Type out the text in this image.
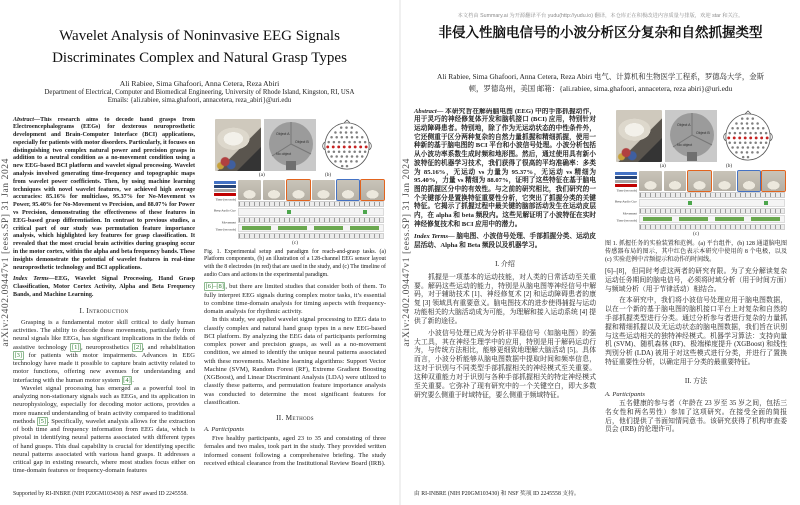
arXiv:2402.09447v1 [eess.SP] 31 Jan 2024
Wavelet Analysis of Noninvasive EEG Signals
Discriminates Complex and Natural Grasp Types
Ali Rabiee, Sima Ghafoori, Anna Cetera, Reza Abiri
Department of Electrical, Computer and Biomedical Engineering, University of Rhode Island, Kingston, RI, USA
Emails: {ali.rabiee, sima.ghafoori, annacetera, reza_abiri}@uri.edu

Abstract—This research aims to decode hand grasps from Electroencephalograms (EEGs) for dexterous neuroprosthetic development and Brain-Computer Interface (BCI) applications, especially for patients with motor disorders. Particularly, it focuses on distinguishing two complex natural power and precision grasps in addition to a neutral condition as a no-movement condition using a new EEG-based BCI platform and wavelet signal processing. Wavelet analysis involved generating time-frequency and topographic maps from wavelet power coefficients. Then, by using machine learning techniques with novel wavelet features, we achieved high average accuracies: 85.16% for multiclass, 95.37% for No-Movement vs Power, 95.40% for No-Movement vs Precision, and 88.07% for Power vs Precision, demonstrating the effectiveness of these features in EEG-based grasp differentiation. In contrast to previous studies, a critical part of our study was permutation feature importance analysis, which highlighted key features for grasp classification. It revealed that the most crucial brain activities during grasping occur in the motor cortex, within the alpha and beta frequency bands. These insights demonstrate the potential of wavelet features in real-time neuroprosthetic technology and BCI applications.

Index Terms—EEG, Wavelet Signal Processing, Hand Grasp Classification, Motor Cortex Activity, Alpha and Beta Frequency Bands, and Machine Learning.

I. Introduction

Grasping is a fundamental motor skill critical to daily human activities. The ability to decode these movements, particularly from neural signals like EEGs, has significant implications in the fields of assistive technology [1] , neuroprosthetics [2] , and rehabilitation [3] for patients with motor impairments. Advances in EEG technology have made it possible to capture brain activity related to motor functions, offering new avenues for understanding and interfacing with the human motor system [4] .

Wavelet signal processing has emerged as a powerful tool in analyzing non-stationary signals such as EEGs, and its application in neurophysiology, especially for decoding motor actions, provides a more nuanced understanding of brain activity compared to traditional methods [5] . Specifically, wavelet analysis allows for the extraction of both time and frequency information from EEG data, which is pivotal in identifying neural patterns associated with different types of hand grasps. This dual capability is crucial for identifying specific neural patterns associated with various hand grasps. It addresses a critical gap in existing research, where most studies focus either on time-domain features or frequency-domain features

Object A
Object B
No object
(a)	(b)
Time (seconds)
Beep Audio Cue
Movement
Time (seconds)
(c)

Fig. 1. Experimental setup and paradigm for reach-and-grasp tasks. (a) Platform components, (b) an illustration of a 128-channel EEG sensor layout with the 8 electrodes (in red) that are used in the study, and (c) The timeline of audio Cues and actions in the experimental paradigm.

[6]–[8] , but there are limited studies that consider both of them. To fully interpret EEG signals during complex motor tasks, it’s essential to combine time-domain analysis for timing aspects with frequency-domain analysis for rhythmic activity.

In this study, we applied wavelet signal processing to EEG data to classify complex and natural hand grasp types in a new EEG-based BCI platform. By analyzing the EEG data of participants performing complex power and precision grasps, as well as a no-movement condition, we aimed to identify the unique neural patterns associated with these movements. Machine learning algorithms: Support Vector Machine (SVM), Random Forest (RF), Extreme Gradient Boosting (XGBoost), and Linear Discriminant Analysis (LDA) were utilized to classify these patterns, and permutation feature importance analysis was conducted to determine the most significant features for classification.

II. Methods
A. Participants

Five healthy participants, aged 23 to 35 and consisting of three females and two males, took part in the study. They provided written informed consent following a comprehensive briefing. The study received ethical clearance from the Institutional Review Board (IRB).

Supported by RI-INBRE (NIH P20GM103430) & NSF award ID 2245558.
本文档由 Summary.ai 为开源翻译平台 yudu(http://yudu.io) 翻译，本仓库正在积极改进内容质量与排版，欢迎 star 和关注。
arXiv:2402.09447v1 [eess.SP] 31 Jan 2024
非侵入性脑电信号的小波分析区分复杂和自然抓握类型
Ali Rabiee, Sima Ghafoori, Anna Cetera, Reza Abiri 电气、计算机和生物医学工程系，罗德岛大学，金斯顿，罗德岛州，美国 邮箱：{ali.rabiee, sima.ghafoori, annacetera, reza abiri}@uri.edu

Abstract— 本研究旨在解码脑电图 (EEG) 中的手部抓握动作，用于灵巧的神经修复体开发和脑机接口 (BCI) 应用，特别针对运动障碍患者。特别地，除了作为无运动状态的中性条件外，它还侧重于区分两种复杂的自然力量抓握和精细抓握，使用一种新的基于脑电图的 BCI 平台和小波信号处理。小波分析包括从小波功率系数生成时频和地形图。然后，通过使用具有新小波特征的机器学习技术，我们获得了很高的平均准确率：多类为 85.16%，无运动 vs 力量为 95.37%，无运动 vs 精细为 95.40%，力量 vs 精细为 88.07%，证明了这些特征在基于脑电图的抓握区分中的有效性。与之前的研究相比，我们研究的一个关键部分是置换特征重要性分析，它突出了抓握分类的关键特征。它揭示了抓握过程中最关键的脑部活动发生在运动皮层内，在 alpha 和 beta 频段内。这些见解证明了小波特征在实时神经修复技术和 BCI 应用中的潜力。

Index Terms— 脑电图、小波信号处理、手部抓握分类、运动皮层活动、Alpha 和 Beta 频段以及机器学习。

I. 介绍

抓握是一项基本的运动技能，对人类的日常活动至关重要。解码这些运动的能力，特别是从脑电图等神经信号中解码，对于辅助技术 [1]、神经修复术 [2] 和运动障碍患者的康复 [3] 领域具有重要意义。脑电图技术的进步使得捕捉与运动功能相关的大脑活动成为可能，为理解和接入运动系统 [4] 提供了新的途径。

小波信号处理已成为分析非平稳信号（如脑电图）的强大工具，其在神经生理学中的应用，特别是用于解码运动行为，与传统方法相比，能够更细致地理解大脑活动 [5]。具体而言，小波分析能够从脑电图数据中提取时间和频率信息，这对于识别与不同类型手部抓握相关的神经模式至关重要。这种双重能力对于识别与各种手部抓握相关的特定神经模式至关重要。它弥补了现有研究中的一个关键空白，即大多数研究要么侧重于时域特征，要么侧重于频域特征。

Object A
Object B
No object
(a)	(b)
Time (seconds)
Beep Audio Cue
Movement
Time (seconds)
(c)

图 1. 抓握任务的实验装置和范例。(a) 平台组件，(b) 128 通道脑电图传感器布局的图示，其中红色表示本研究中使用的 8 个电极，以及 (c) 实验范例中音频提示和动作的时间线。

[6]–[8]，但同时考虑这两者的研究有限。为了充分解读复杂运动任务期间的脑电信号，必须将时域分析（用于时间方面）与频域分析（用于节律活动）相结合。

在本研究中，我们将小波信号处理应用于脑电图数据，以在一个新的基于脑电图的脑机接口平台上对复杂和自然的手部抓握类型进行分类。通过分析参与者进行复杂的力量抓握和精细抓握以及无运动状态的脑电图数据，我们旨在识别与这些运动相关的独特神经模式。机器学习算法：支持向量机 (SVM)、随机森林 (RF)、极端梯度提升 (XGBoost) 和线性判别分析 (LDA) 被用于对这些模式进行分类，并进行了置换特征重要性分析，以确定用于分类的最重要特征。

II. 方法
A. Participants

五名健康的参与者（年龄在 23 岁至 35 岁之间，包括三名女性和两名男性）参加了这项研究。在接受全面的简报后，他们提供了书面知情同意书。该研究获得了机构审查委员会 (IRB) 的伦理许可。

由 RI-INBRE (NIH P20GM103430) 和 NSF 奖项 ID 2245558 支持。
